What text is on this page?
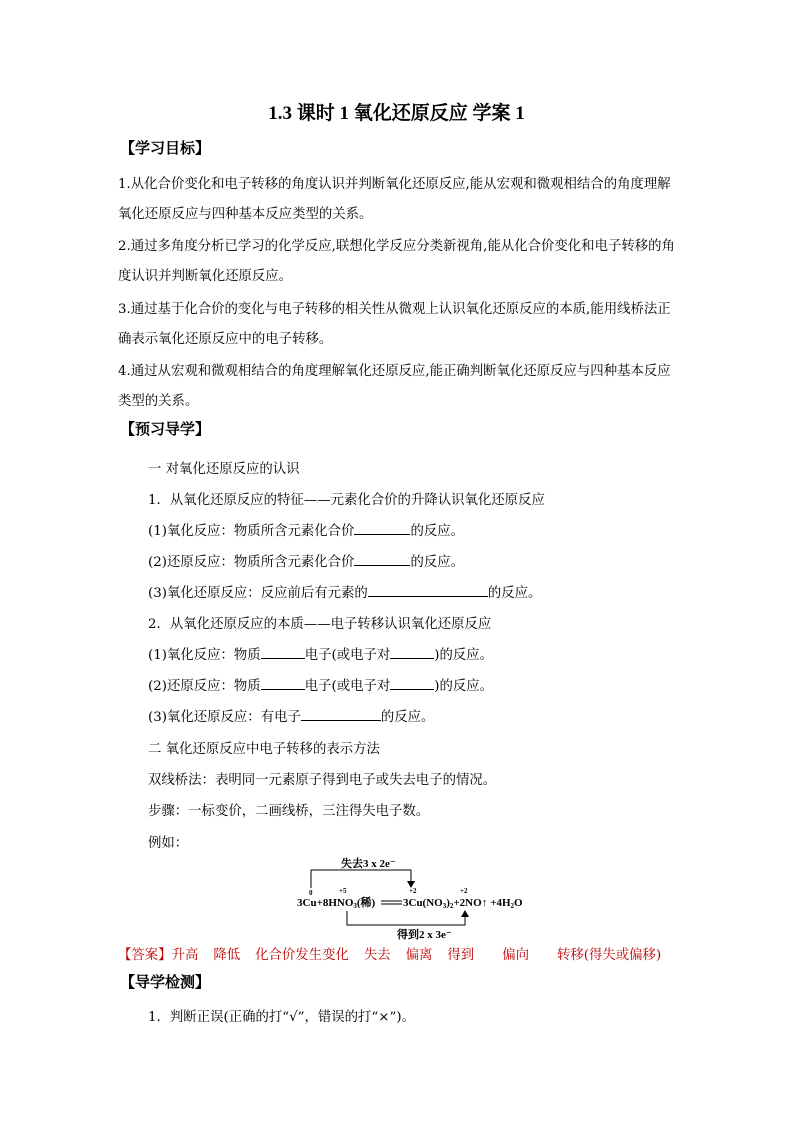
1.3 课时 1 氧化还原反应 学案 1
【学习目标】
1.从化合价变化和电子转移的角度认识并判断氧化还原反应,能从宏观和微观相结合的角度理解氧化还原反应与四种基本反应类型的关系。
2.通过多角度分析已学习的化学反应,联想化学反应分类新视角,能从化合价变化和电子转移的角度认识并判断氧化还原反应。
3.通过基于化合价的变化与电子转移的相关性从微观上认识氧化还原反应的本质,能用线桥法正确表示氧化还原反应中的电子转移。
4.通过从宏观和微观相结合的角度理解氧化还原反应,能正确判断氧化还原反应与四种基本反应类型的关系。
【预习导学】
一 对氧化还原反应的认识
1．从氧化还原反应的特征——元素化合价的升降认识氧化还原反应
(1)氧化反应：物质所含元素化合价	的反应。
(2)还原反应：物质所含元素化合价	的反应。
(3)氧化还原反应：反应前后有元素的	的反应。
2．从氧化还原反应的本质——电子转移认识氧化还原反应
(1)氧化反应：物质	电子(或电子对	)的反应。
(2)还原反应：物质	电子(或电子对	)的反应。
(3)氧化还原反应：有电子	的反应。
二 氧化还原反应中电子转移的表示方法
双线桥法：表明同一元素原子得到电子或失去电子的情况。
步骤：一标变价，二画线桥，三注得失电子数。
例如：
失去3 x 2e⁻
0	+5	+2	+2
3Cu+8HNO3(稀)	3Cu(NO3)2+2NO↑ +4H2O
得到2 x 3e⁻
【答案】升高 降低 化合价发生变化 失去 偏离 得到 偏向 转移(得失或偏移)
【导学检测】
1．判断正误(正确的打“√”，错误的打“×”)。
